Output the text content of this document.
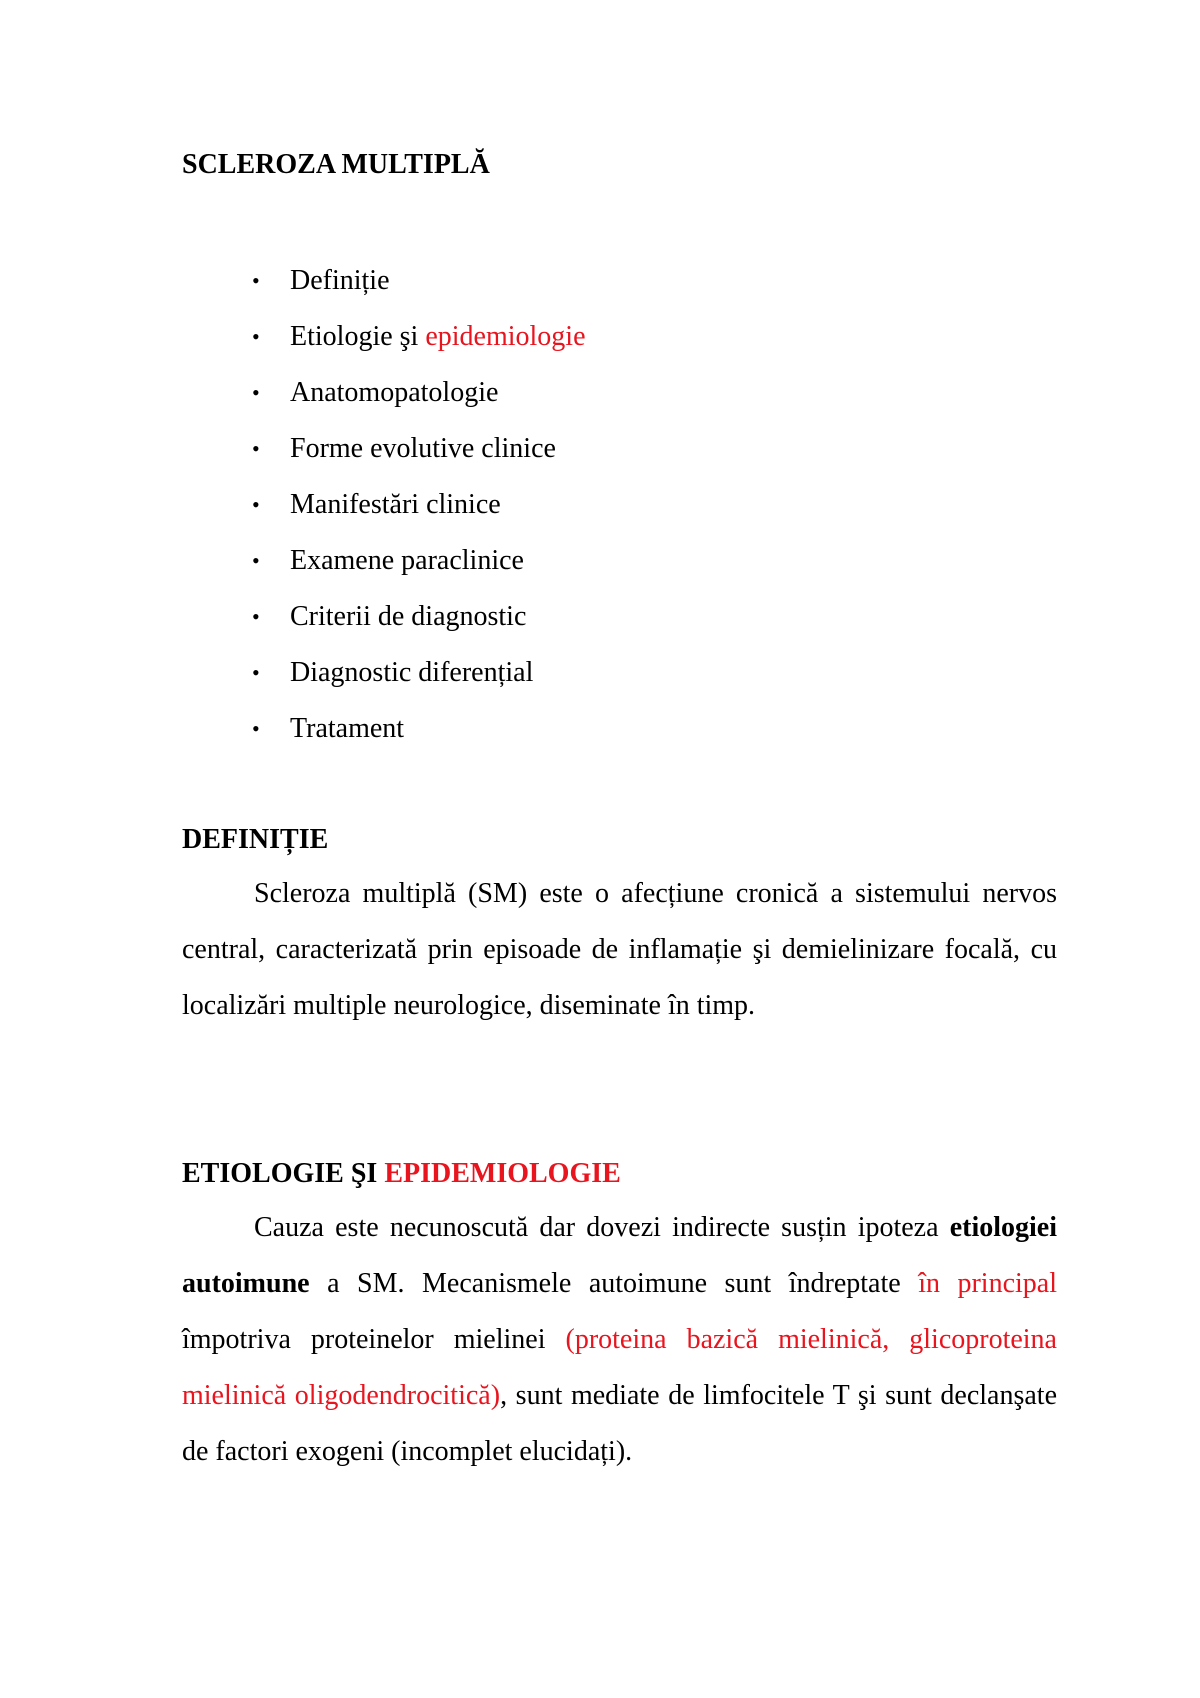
SCLEROZA MULTIPLĂ
• Definiție
• Etiologie şi epidemiologie
• Anatomopatologie
• Forme evolutive clinice
• Manifestări clinice
• Examene paraclinice
• Criterii de diagnostic
• Diagnostic diferențial
• Tratament
DEFINIȚIE

Scleroza multiplă (SM) este o afecțiune cronică a sistemului nervos central, caracterizată prin episoade de inflamație şi demielinizare focală, cu localizări multiple neurologice, diseminate în timp.

ETIOLOGIE ŞI EPIDEMIOLOGIE

Cauza este necunoscută dar dovezi indirecte susțin ipoteza etiologiei autoimune a SM. Mecanismele autoimune sunt îndreptate în principal împotriva proteinelor mielinei (proteina bazică mielinică, glicoproteina mielinică oligodendrocitică), sunt mediate de limfocitele T şi sunt declanşate de factori exogeni (incomplet elucidați).
